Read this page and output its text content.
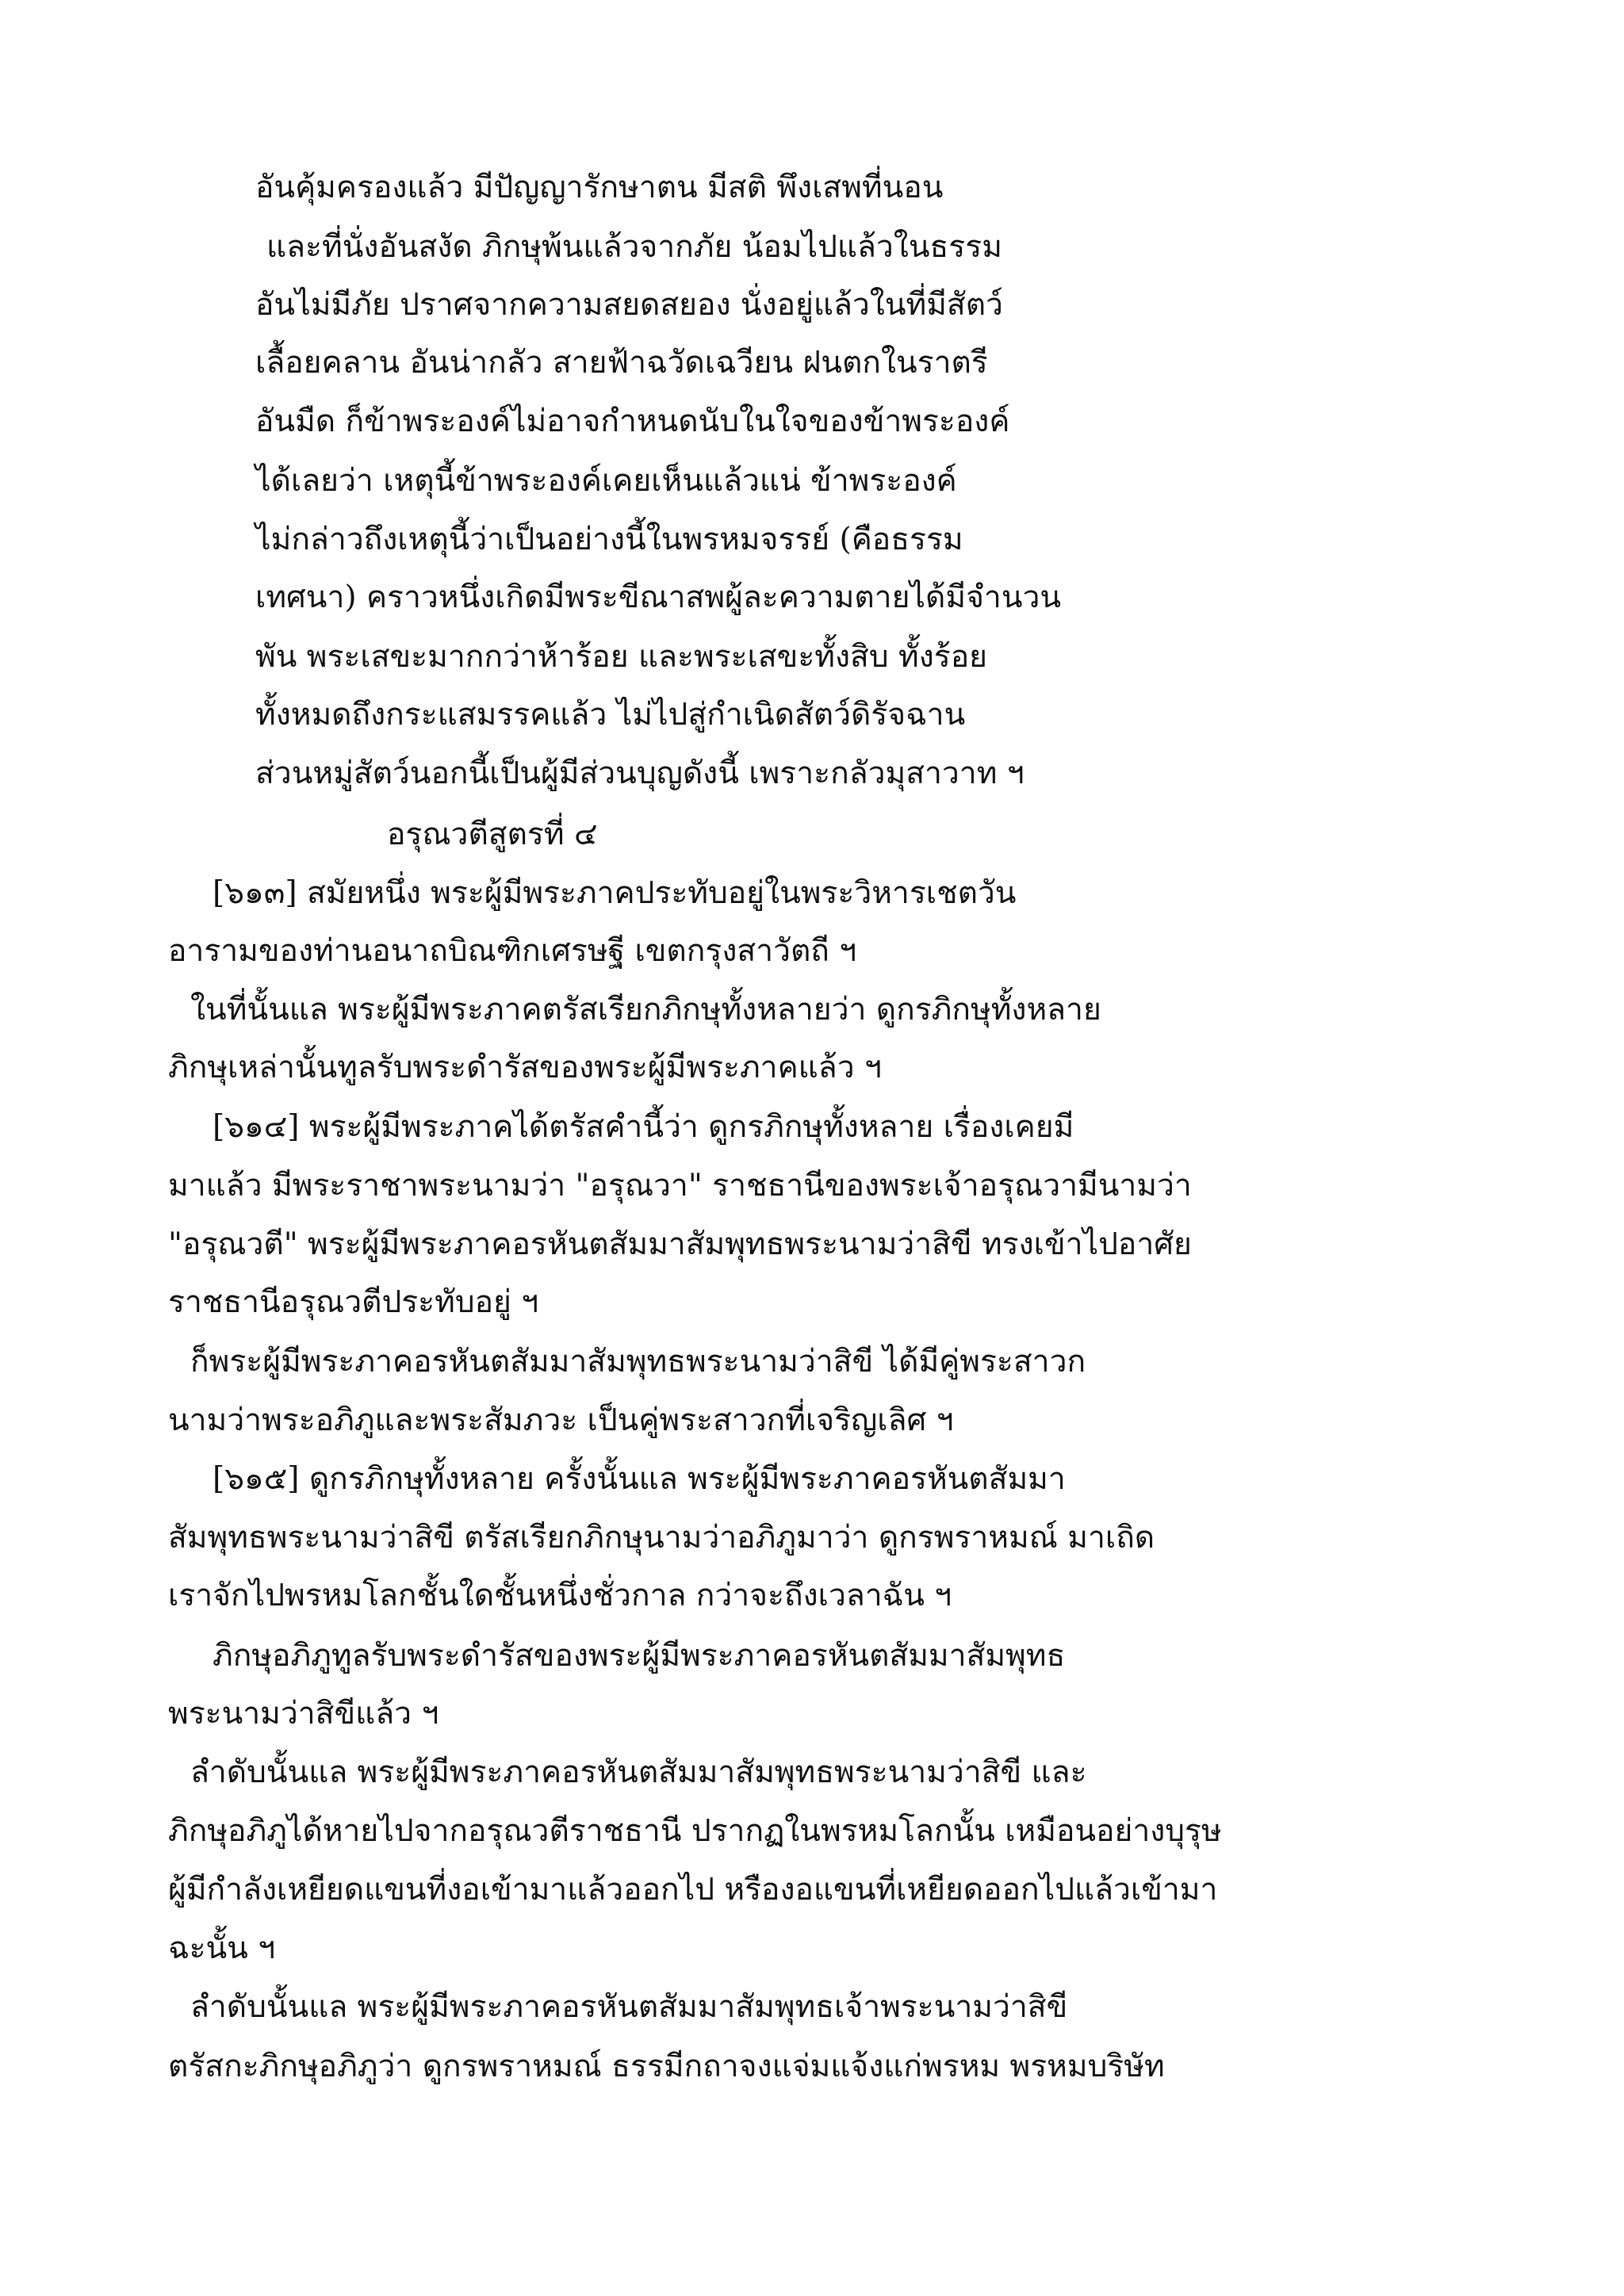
อันคุ้มครองแล้ว มีปัญญารักษาตน มีสติ พึงเสพที่นอน
และที่นั่งอันสงัด ภิกษุพ้นแล้วจากภัย น้อมไปแล้วในธรรม
อันไม่มีภัย ปราศจากความสยดสยอง นั่งอยู่แล้วในที่มีสัตว์
เลื้อยคลาน อันน่ากลัว สายฟ้าฉวัดเฉวียน ฝนตกในราตรี
อันมืด ก็ข้าพระองค์ไม่อาจกำหนดนับในใจของข้าพระองค์
ได้เลยว่า เหตุนี้ข้าพระองค์เคยเห็นแล้วแน่ ข้าพระองค์
ไม่กล่าวถึงเหตุนี้ว่าเป็นอย่างนี้ในพรหมจรรย์ (คือธรรม
เทศนา) คราวหนึ่งเกิดมีพระขีณาสพผู้ละความตายได้มีจำนวน
พัน พระเสขะมากกว่าห้าร้อย และพระเสขะทั้งสิบ ทั้งร้อย
ทั้งหมดถึงกระแสมรรคแล้ว ไม่ไปสู่กำเนิดสัตว์ดิรัจฉาน
ส่วนหมู่สัตว์นอกนี้เป็นผู้มีส่วนบุญดังนี้ เพราะกลัวมุสาวาท ฯ
อรุณวตีสูตรที่ ๔
[๖๑๓] สมัยหนึ่ง พระผู้มีพระภาคประทับอยู่ในพระวิหารเชตวัน
อารามของท่านอนาถบิณฑิกเศรษฐี เขตกรุงสาวัตถี ฯ
ในที่นั้นแล พระผู้มีพระภาคตรัสเรียกภิกษุทั้งหลายว่า ดูกรภิกษุทั้งหลาย
ภิกษุเหล่านั้นทูลรับพระดำรัสของพระผู้มีพระภาคแล้ว ฯ
[๖๑๔] พระผู้มีพระภาคได้ตรัสคำนี้ว่า ดูกรภิกษุทั้งหลาย เรื่องเคยมี
มาแล้ว มีพระราชาพระนามว่า "อรุณวา" ราชธานีของพระเจ้าอรุณวามีนามว่า
"อรุณวตี" พระผู้มีพระภาคอรหันตสัมมาสัมพุทธพระนามว่าสิขี ทรงเข้าไปอาศัย
ราชธานีอรุณวตีประทับอยู่ ฯ
ก็พระผู้มีพระภาคอรหันตสัมมาสัมพุทธพระนามว่าสิขี ได้มีคู่พระสาวก
นามว่าพระอภิภูและพระสัมภวะ เป็นคู่พระสาวกที่เจริญเลิศ ฯ
[๖๑๕] ดูกรภิกษุทั้งหลาย ครั้งนั้นแล พระผู้มีพระภาคอรหันตสัมมา
สัมพุทธพระนามว่าสิขี ตรัสเรียกภิกษุนามว่าอภิภูมาว่า ดูกรพราหมณ์ มาเถิด
เราจักไปพรหมโลกชั้นใดชั้นหนึ่งชั่วกาล กว่าจะถึงเวลาฉัน ฯ
ภิกษุอภิภูทูลรับพระดำรัสของพระผู้มีพระภาคอรหันตสัมมาสัมพุทธ
พระนามว่าสิขีแล้ว ฯ
ลำดับนั้นแล พระผู้มีพระภาคอรหันตสัมมาสัมพุทธพระนามว่าสิขี และ
ภิกษุอภิภูได้หายไปจากอรุณวตีราชธานี ปรากฏในพรหมโลกนั้น เหมือนอย่างบุรุษ
ผู้มีกำลังเหยียดแขนที่งอเข้ามาแล้วออกไป หรืองอแขนที่เหยียดออกไปแล้วเข้ามา
ฉะนั้น ฯ
ลำดับนั้นแล พระผู้มีพระภาคอรหันตสัมมาสัมพุทธเจ้าพระนามว่าสิขี
ตรัสกะภิกษุอภิภูว่า ดูกรพราหมณ์ ธรรมีกถาจงแจ่มแจ้งแก่พรหม พรหมบริษัท
